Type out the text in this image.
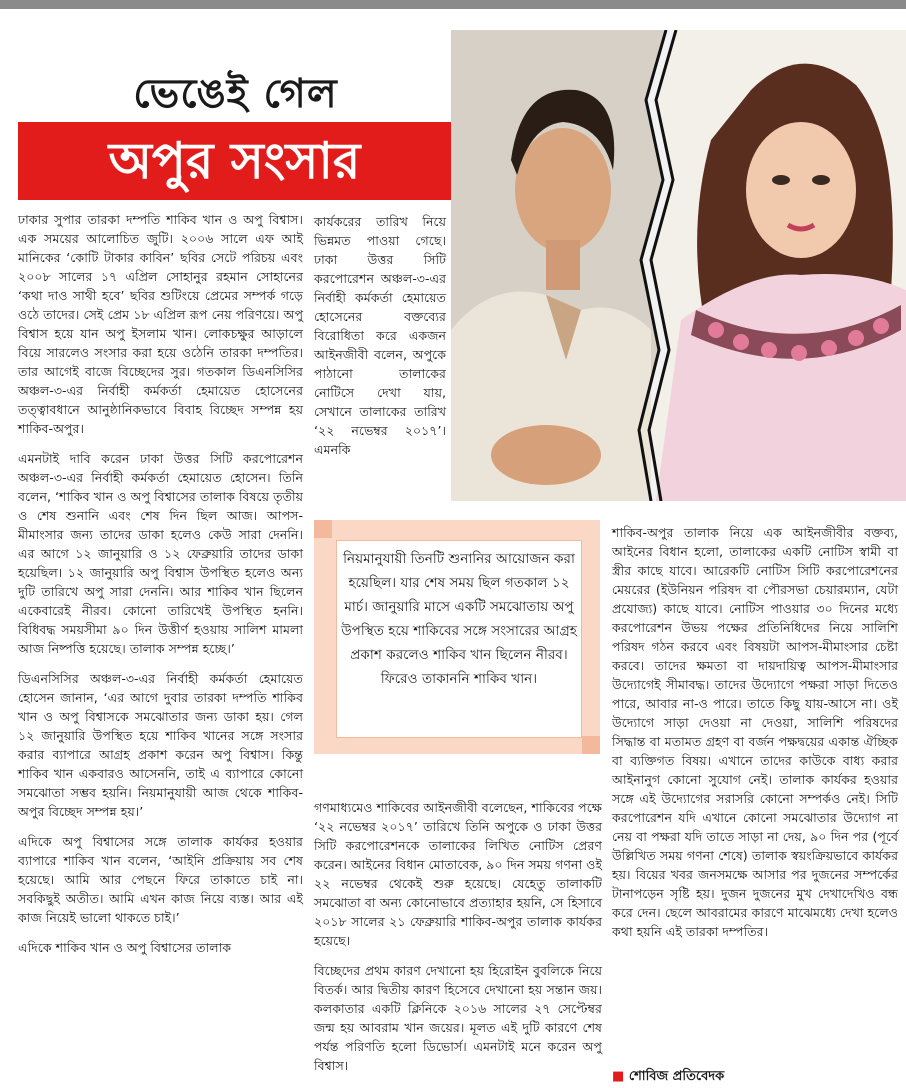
ভেঙেই গেল
অপুর সংসার

ঢাকার সুপার তারকা দম্পতি শাকিব খান ও অপু বিশ্বাস। এক সময়ের আলোচিত জুটি। ২০০৬ সালে এফ আই মানিকের ‘কোটি টাকার কাবিন’ ছবির সেটে পরিচয় এবং ২০০৮ সালের ১৭ এপ্রিল সোহানুর রহমান সোহানের ‘কথা দাও সাথী হবে’ ছবির শুটিংয়ে প্রেমের সম্পর্ক গড়ে ওঠে তাদের। সেই প্রেম ১৮ এপ্রিল রূপ নেয় পরিণয়ে। অপু বিশ্বাস হয়ে যান অপু ইসলাম খান। লোকচক্ষুর আড়ালে বিয়ে সারলেও সংসার করা হয়ে ওঠেনি তারকা দম্পতির। তার আগেই বাজে বিচ্ছেদের সুর। গতকাল ডিএনসিসির অঞ্চল-৩-এর নির্বাহী কর্মকর্তা হেমায়েত হোসেনের তত্ত্বাবধানে আনুষ্ঠানিকভাবে বিবাহ বিচ্ছেদ সম্পন্ন হয় শাকিব-অপুর।

এমনটাই দাবি করেন ঢাকা উত্তর সিটি করপোরেশন অঞ্চল-৩-এর নির্বাহী কর্মকর্তা হেমায়েত হোসেন। তিনি বলেন, ‘শাকিব খান ও অপু বিশ্বাসের তালাক বিষয়ে তৃতীয় ও শেষ শুনানি এবং শেষ দিন ছিল আজ। আপস-মীমাংসার জন্য তাদের ডাকা হলেও কেউ সারা দেননি। এর আগে ১২ জানুয়ারি ও ১২ ফেব্রুয়ারি তাদের ডাকা হয়েছিল। ১২ জানুয়ারি অপু বিশ্বাস উপস্থিত হলেও অন্য দুটি তারিখে অপু সারা দেননি। আর শাকিব খান ছিলেন একেবারেই নীরব। কোনো তারিখেই উপস্থিত হননি। বিধিবদ্ধ সময়সীমা ৯০ দিন উত্তীর্ণ হওয়ায় সালিশ মামলা আজ নিষ্পত্তি হয়েছে। তালাক সম্পন্ন হচ্ছে।’

ডিএনসিসির অঞ্চল-৩-এর নির্বাহী কর্মকর্তা হেমায়েত হোসেন জানান, ‘এর আগে দুবার তারকা দম্পতি শাকিব খান ও অপু বিশ্বাসকে সমঝোতার জন্য ডাকা হয়। গেল ১২ জানুয়ারি উপস্থিত হয়ে শাকিব খানের সঙ্গে সংসার করার ব্যাপারে আগ্রহ প্রকাশ করেন অপু বিশ্বাস। কিন্তু শাকিব খান একবারও আসেননি, তাই এ ব্যাপারে কোনো সমঝোতা সম্ভব হয়নি। নিয়মানুযায়ী আজ থেকে শাকিব-অপুর বিচ্ছেদ সম্পন্ন হয়।’

এদিকে অপু বিশ্বাসের সঙ্গে তালাক কার্যকর হওয়ার ব্যাপারে শাকিব খান বলেন, ‘আইনি প্রক্রিয়ায় সব শেষ হয়েছে। আমি আর পেছনে ফিরে তাকাতে চাই না। সবকিছুই অতীত। আমি এখন কাজ নিয়ে ব্যস্ত। আর এই কাজ নিয়েই ভালো থাকতে চাই।’

এদিকে শাকিব খান ও অপু বিশ্বাসের তালাক

কার্যকরের তারিখ নিয়ে ভিন্নমত পাওয়া গেছে। ঢাকা উত্তর সিটি করপোরেশন অঞ্চল-৩-এর নির্বাহী কর্মকর্তা হেমায়েত হোসেনের বক্তব্যের বিরোধিতা করে একজন আইনজীবী বলেন, অপুকে পাঠানো তালাকের নোটিসে দেখা যায়, সেখানে তালাকের তারিখ ‘২২ নভেম্বর ২০১৭’। এমনকি

নিয়মানুযায়ী তিনটি শুনানির আয়োজন করা হয়েছিল। যার শেষ সময় ছিল গতকাল ১২ মার্চ। জানুয়ারি মাসে একটি সমঝোতায় অপু উপস্থিত হয়ে শাকিবের সঙ্গে সংসারের আগ্রহ প্রকাশ করলেও শাকিব খান ছিলেন নীরব। ফিরেও তাকাননি শাকিব খান।

গণমাধ্যমেও শাকিবের আইনজীবী বলেছেন, শাকিবের পক্ষে ‘২২ নভেম্বর ২০১৭’ তারিখে তিনি অপুকে ও ঢাকা উত্তর সিটি করপোরেশনকে তালাকের লিখিত নোটিস প্রেরণ করেন। আইনের বিধান মোতাবেক, ৯০ দিন সময় গণনা ওই ২২ নভেম্বর থেকেই শুরু হয়েছে। যেহেতু তালাকটি সমঝোতা বা অন্য কোনোভাবে প্রত্যাহার হয়নি, সে হিসাবে ২০১৮ সালের ২১ ফেব্রুয়ারি শাকিব-অপুর তালাক কার্যকর হয়েছে।

বিচ্ছেদের প্রথম কারণ দেখানো হয় হিরোইন বুবলিকে নিয়ে বিতর্ক। আর দ্বিতীয় কারণ হিসেবে দেখানো হয় সন্তান জয়। কলকাতার একটি ক্লিনিকে ২০১৬ সালের ২৭ সেপ্টেম্বর জন্ম হয় আবরাম খান জয়ের। মূলত এই দুটি কারণে শেষ পর্যন্ত পরিণতি হলো ডিভোর্স। এমনটাই মনে করেন অপু বিশ্বাস।

শাকিব-অপুর তালাক নিয়ে এক আইনজীবীর বক্তব্য, আইনের বিধান হলো, তালাকের একটি নোটিস স্বামী বা স্ত্রীর কাছে যাবে। আরেকটি নোটিস সিটি করপোরেশনের মেয়রের (ইউনিয়ন পরিষদ বা পৌরসভা চেয়ারম্যান, যেটা প্রযোজ্য) কাছে যাবে। নোটিস পাওয়ার ৩০ দিনের মধ্যে করপোরেশন উভয় পক্ষের প্রতিনিধিদের নিয়ে সালিশি পরিষদ গঠন করবে এবং বিষয়টা আপস-মীমাংসার চেষ্টা করবে। তাদের ক্ষমতা বা দায়দায়িত্ব আপস-মীমাংসার উদ্যোগেই সীমাবদ্ধ। তাদের উদ্যোগে পক্ষরা সাড়া দিতেও পারে, আবার না-ও পারে। তাতে কিছু যায়-আসে না। ওই উদ্যোগে সাড়া দেওয়া না দেওয়া, সালিশি পরিষদের সিদ্ধান্ত বা মতামত গ্রহণ বা বর্জন পক্ষদ্বয়ের একান্ত ঐচ্ছিক বা ব্যক্তিগত বিষয়। এখানে তাদের কাউকে বাধ্য করার আইনানুগ কোনো সুযোগ নেই। তালাক কার্যকর হওয়ার সঙ্গে এই উদ্যোগের সরাসরি কোনো সম্পর্কও নেই। সিটি করপোরেশন যদি এখানে কোনো সমঝোতার উদ্যোগ না নেয় বা পক্ষরা যদি তাতে সাড়া না দেয়, ৯০ দিন পর (পূর্বে উল্লিখিত সময় গণনা শেষে) তালাক স্বয়ংক্রিয়ভাবে কার্যকর হয়। বিয়ের খবর জনসমক্ষে আসার পর দুজনের সম্পর্কের টানাপড়েন সৃষ্টি হয়। দুজন দুজনের মুখ দেখাদেখিও বন্ধ করে দেন। ছেলে আবরামের কারণে মাঝেমধ্যে দেখা হলেও কথা হয়নি এই তারকা দম্পতির।

■ শোবিজ প্রতিবেদক
